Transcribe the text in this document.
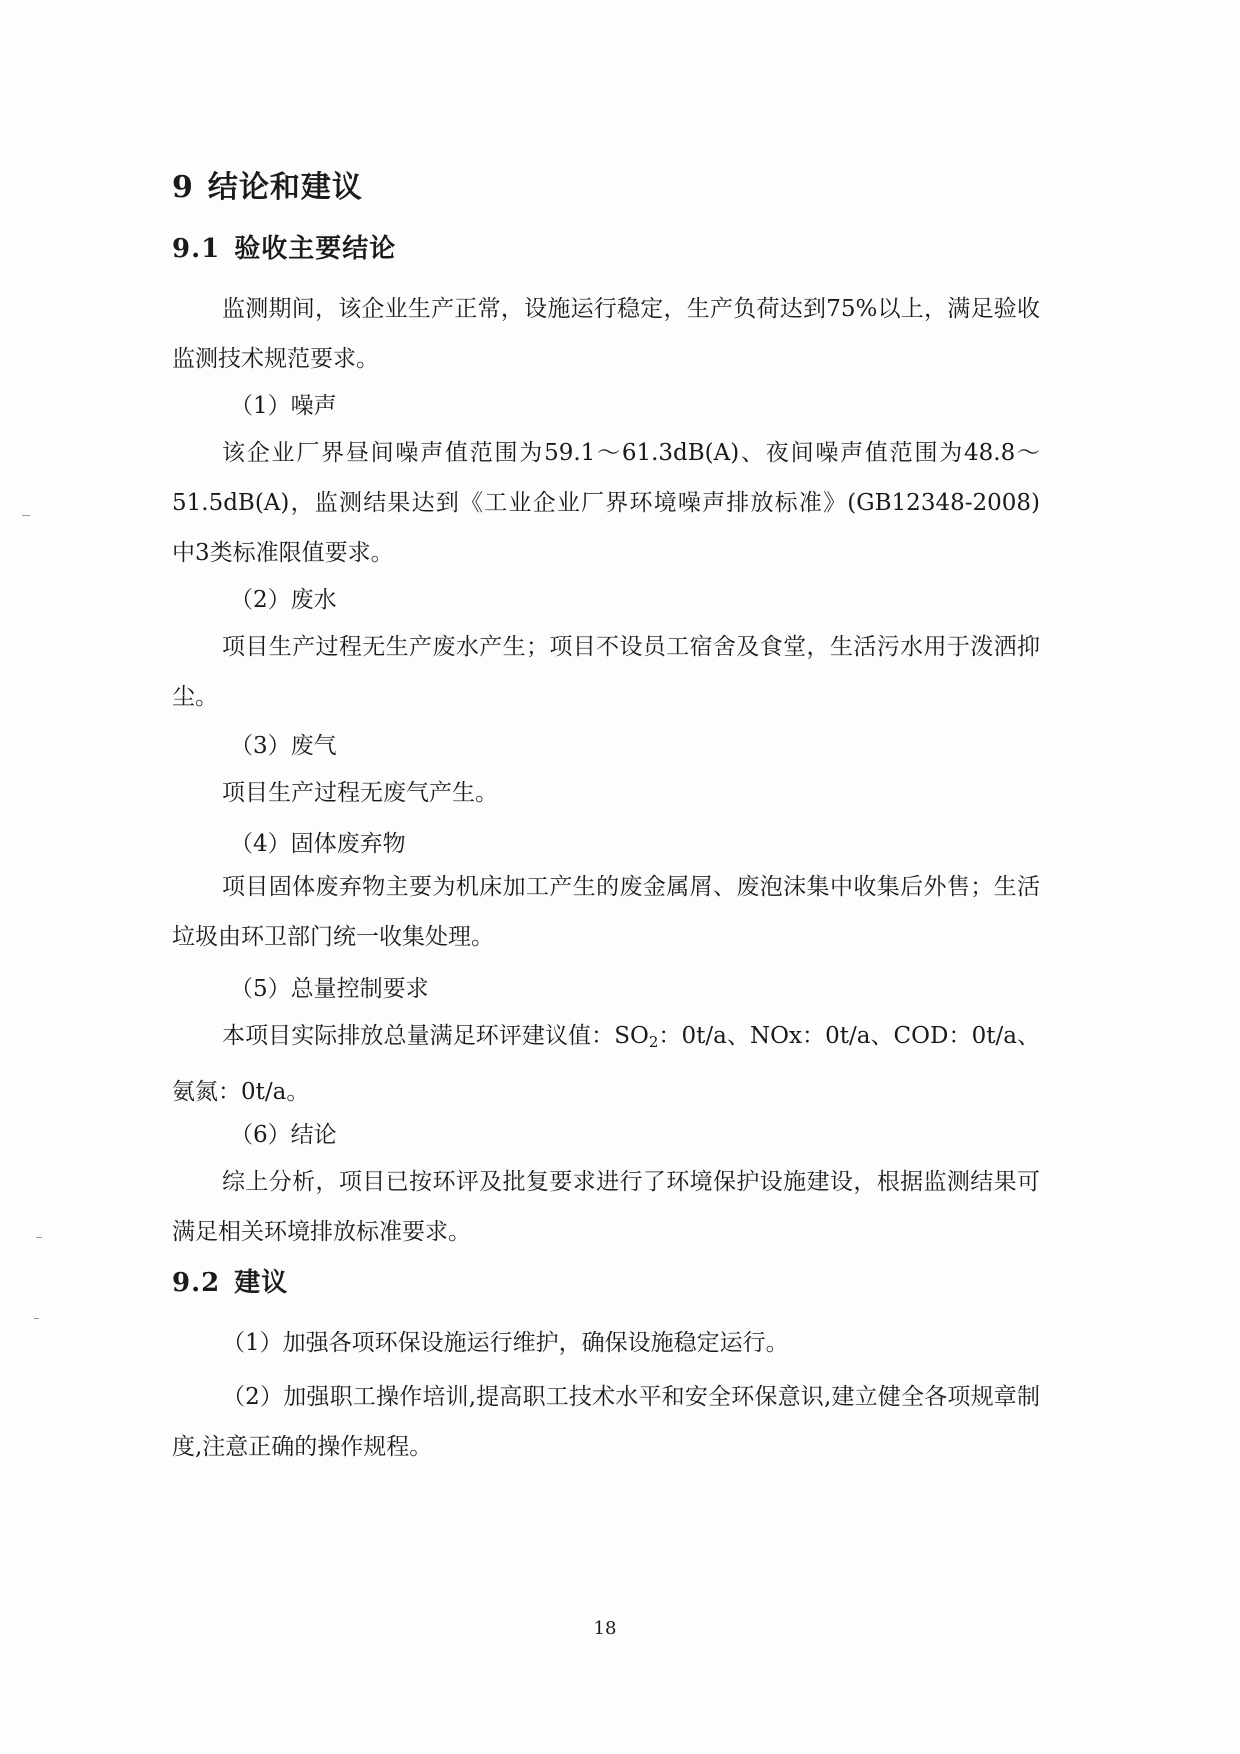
9 结论和建议
9.1 验收主要结论

监测期间，该企业生产正常，设施运行稳定，生产负荷达到75%以上，满足验收监测技术规范要求。

（1）噪声

该企业厂界昼间噪声值范围为59.1～61.3dB(A)、夜间噪声值范围为48.8～51.5dB(A)，监测结果达到《工业企业厂界环境噪声排放标准》(GB12348-2008) 中3类标准限值要求。

（2）废水

项目生产过程无生产废水产生；项目不设员工宿舍及食堂，生活污水用于泼洒抑尘。

（3）废气

项目生产过程无废气产生。

（4）固体废弃物

项目固体废弃物主要为机床加工产生的废金属屑、废泡沫集中收集后外售；生活垃圾由环卫部门统一收集处理。

（5）总量控制要求

本项目实际排放总量满足环评建议值：$SO_2$：0t/a、NOx：0t/a、COD：0t/a、氨氮：0t/a。

（6）结论

综上分析，项目已按环评及批复要求进行了环境保护设施建设，根据监测结果可满足相关环境排放标准要求。

9.2 建议

（1）加强各项环保设施运行维护，确保设施稳定运行。

（2）加强职工操作培训,提高职工技术水平和安全环保意识,建立健全各项规章制度,注意正确的操作规程。

18
